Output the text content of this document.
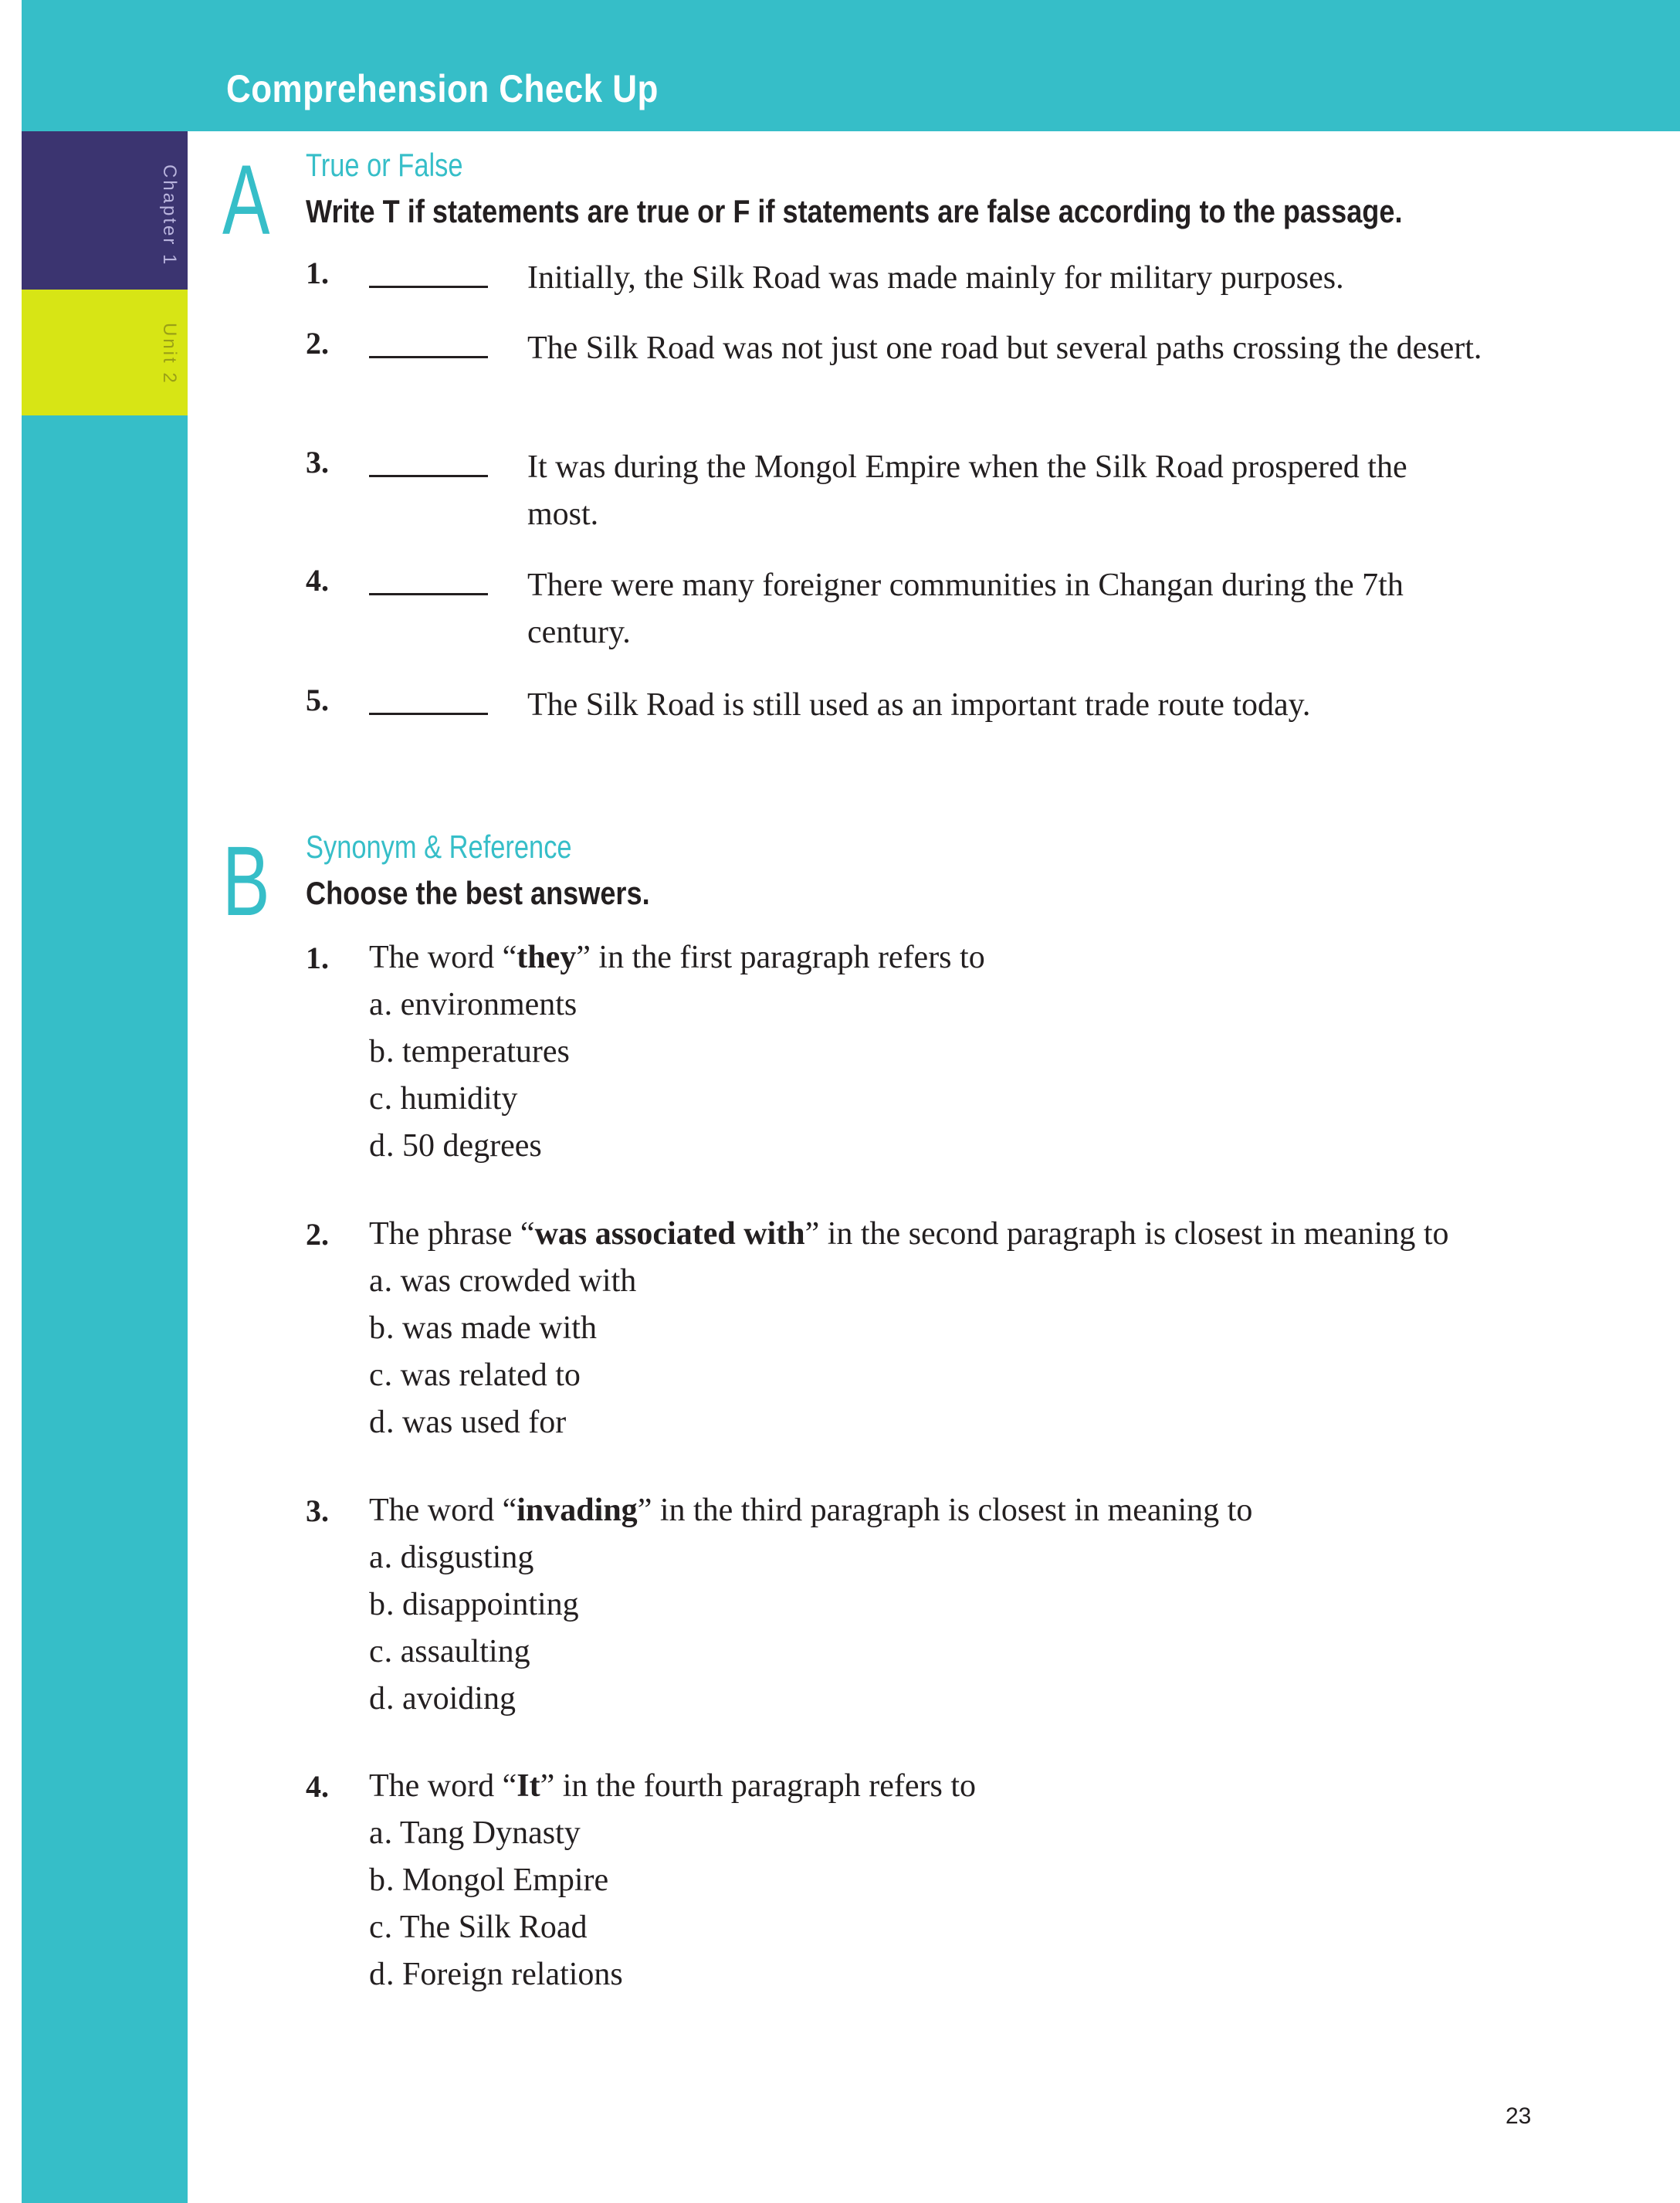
Comprehension Check Up
Chapter 1
Unit 2
A True or False
Write T if statements are true or F if statements are false according to the passage.
1.	Initially, the Silk Road was made mainly for military purposes.
2.	The Silk Road was not just one road but several paths crossing the desert.
3.	It was during the Mongol Empire when the Silk Road prospered the most.
4.	There were many foreigner communities in Changan during the 7th century.
5.	The Silk Road is still used as an important trade route today.
B Synonym & Reference
Choose the best answers.
1. The word “they” in the first paragraph refers to
a. environments
b. temperatures
c. humidity
d. 50 degrees
2. The phrase “was associated with” in the second paragraph is closest in meaning to
a. was crowded with
b. was made with
c. was related to
d. was used for
3. The word “invading” in the third paragraph is closest in meaning to
a. disgusting
b. disappointing
c. assaulting
d. avoiding
4. The word “It” in the fourth paragraph refers to
a. Tang Dynasty
b. Mongol Empire
c. The Silk Road
d. Foreign relations
23
